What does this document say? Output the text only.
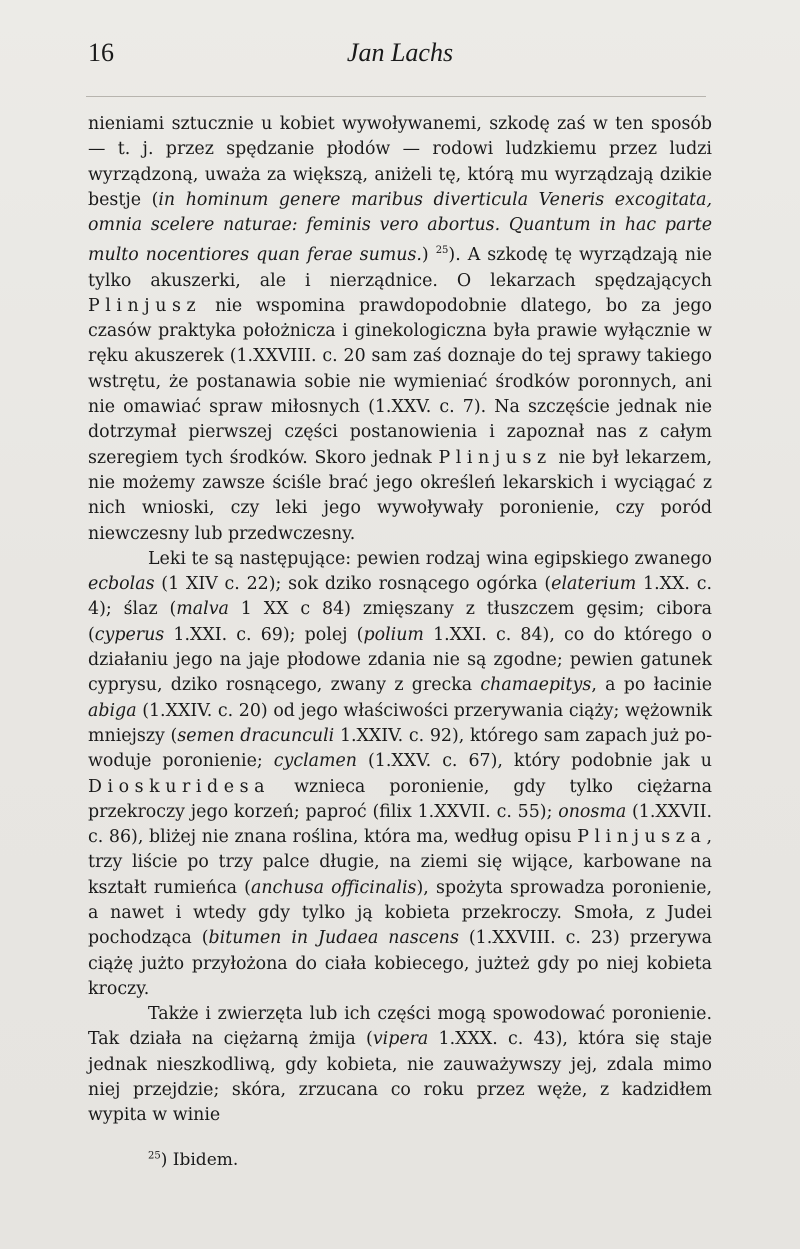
16	Jan Lachs

nieniami sztucznie u kobiet wywoływanemi, szkodę zaś w ten sposób — t. j. przez spędzanie płodów — rodowi ludzkiemu przez ludzi wyrządzoną, uważa za większą, aniżeli tę, którą mu wyrządzają dzikie bestje (in hominum genere maribus diverticula Veneris excogitata, omnia scelere naturae: feminis vero abortus. Quantum in hac parte multo nocentiores quan ferae sumus.) $^{25}$). A szkodę tę wyrządzają nie tylko akuszerki, ale i nierządnice. O lekarzach spędzających Plinjusz nie wspomina prawdopodobnie dlatego, bo za jego czasów praktyka położnicza i ginekologiczna była prawie wyłącznie w ręku akuszerek (1.XXVIII. c. 20 sam zaś doznaje do tej sprawy takiego wstrętu, że postanawia sobie nie wymieniać środków poronnych, ani nie omawiać spraw miłosnych (1.XXV. c. 7). Na szczęście jednak nie dotrzymał pierwszej części postanowienia i zapoznał nas z całym szeregiem tych środków. Skoro jednak Plinjusz nie był lekarzem, nie możemy zawsze ściśle brać jego określeń lekarskich i wyciągać z nich wnioski, czy leki jego wywoływały poronienie, czy poród niewczesny lub przedwczesny.

Leki te są następujące: pewien rodzaj wina egipskiego zwanego ecbolas (1 XIV c. 22); sok dziko rosnącego ogórka (elaterium 1.XX. c. 4); ślaz (malva 1 XX c 84) zmięszany z tłuszczem gęsim; cibora (cyperus 1.XXI. c. 69); polej (polium 1.XXI. c. 84), co do którego o działaniu jego na jaje płodowe zdania nie są zgodne; pewien gatunek cyprysu, dziko rosnącego, zwany z grecka chamaepitys, a po łacinie abiga (1.XXIV. c. 20) od jego właściwości przerywania ciąży; wężownik mniejszy (semen dracunculi 1.XXIV. c. 92), którego sam zapach już powoduje poronienie; cyclamen (1.XXV. c. 67), który podobnie jak u Dioskuridesa wznieca poronienie, gdy tylko ciężarna przekroczy jego korzeń; paproć (filix 1.XXVII. c. 55); onosma (1.XXVII. c. 86), bliżej nie znana roślina, która ma, według opisu Plinjusza, trzy liście po trzy palce długie, na ziemi się wijące, karbowane na kształt rumieńca (anchusa officinalis), spożyta sprowadza poronienie, a nawet i wtedy gdy tylko ją kobieta przekroczy. Smoła, z Judei pochodząca (bitumen in Judaea nascens (1.XXVIII. c. 23) przerywa ciążę jużto przyłożona do ciała kobiecego, jużteż gdy po niej kobieta kroczy.

Także i zwierzęta lub ich części mogą spowodować poronienie. Tak działa na ciężarną żmija (vipera 1.XXX. c. 43), która się staje jednak nieszkodliwą, gdy kobieta, nie zauważywszy jej, zdala mimo niej przejdzie; skóra, zrzucana co roku przez węże, z kadzidłem wypita w winie

$^{25}$) Ibidem.
